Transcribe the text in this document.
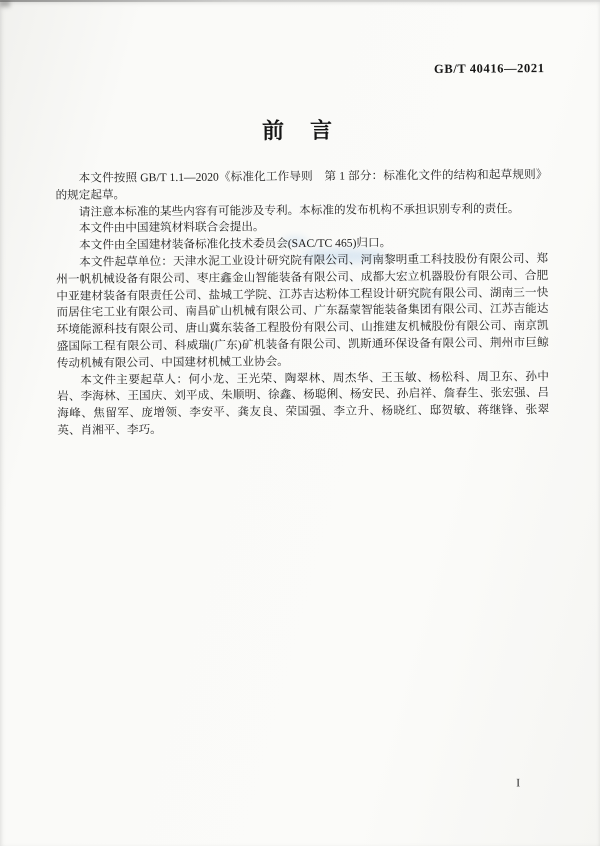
GB/T 40416—2021
前　言

本文件按照 GB/T 1.1—2020《标准化工作导则　第 1 部分：标准化文件的结构和起草规则》的规定起草。

请注意本标准的某些内容有可能涉及专利。本标准的发布机构不承担识别专利的责任。

本文件由中国建筑材料联合会提出。

本文件由全国建材装备标准化技术委员会(SAC/TC 465)归口。

本文件起草单位：天津水泥工业设计研究院有限公司、河南黎明重工科技股份有限公司、郑州一帆机械设备有限公司、枣庄鑫金山智能装备有限公司、成都大宏立机器股份有限公司、合肥中亚建材装备有限责任公司、盐城工学院、江苏吉达粉体工程设计研究院有限公司、湖南三一快而居住宅工业有限公司、南昌矿山机械有限公司、广东磊蒙智能装备集团有限公司、江苏吉能达环境能源科技有限公司、唐山冀东装备工程股份有限公司、山推建友机械股份有限公司、南京凯盛国际工程有限公司、科威瑞(广东)矿机装备有限公司、凯斯通环保设备有限公司、荆州市巨鲸传动机械有限公司、中国建材机械工业协会。

本文件主要起草人：何小龙、王光荣、陶翠林、周杰华、王玉敏、杨松科、周卫东、孙中岩、李海林、王国庆、刘平成、朱顺明、徐鑫、杨聪俐、杨安民、孙启祥、詹春生、张宏强、吕海峰、焦留军、庞增领、李安平、龚友良、荣国强、李立升、杨晓红、邸贺敏、蒋继锋、张翠英、肖湘平、李巧。

I
